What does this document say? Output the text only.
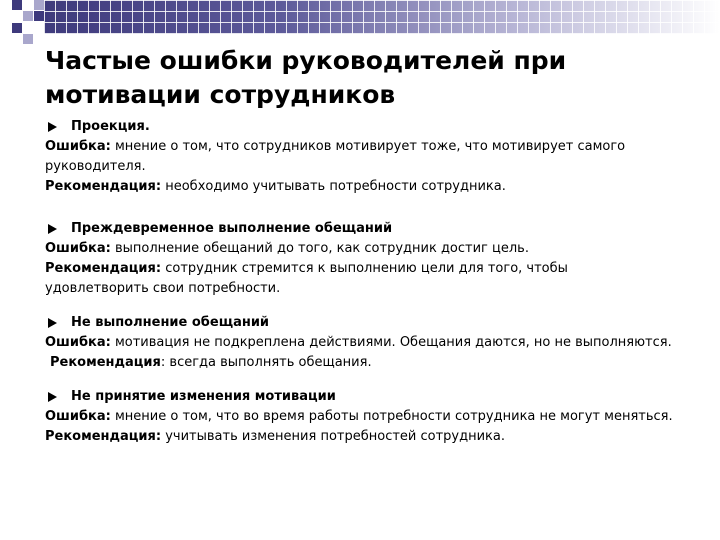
Частые ошибки руководителей при мотивации сотрудников
Проекция.

Ошибка: мнение о том, что сотрудников мотивирует тоже, что мотивирует самого руководителя.

Рекомендация: необходимо учитывать потребности сотрудника.

Преждевременное выполнение обещаний

Ошибка: выполнение обещаний до того, как сотрудник достиг цель.

Рекомендация: сотрудник стремится к выполнению цели для того, чтобы удовлетворить свои потребности.

Не выполнение обещаний

Ошибка: мотивация не подкреплена действиями. Обещания даются, но не выполняются.

Рекомендация: всегда выполнять обещания.

Не принятие изменения мотивации

Ошибка: мнение о том, что во время работы потребности сотрудника не могут меняться.

Рекомендация: учитывать изменения потребностей сотрудника.
